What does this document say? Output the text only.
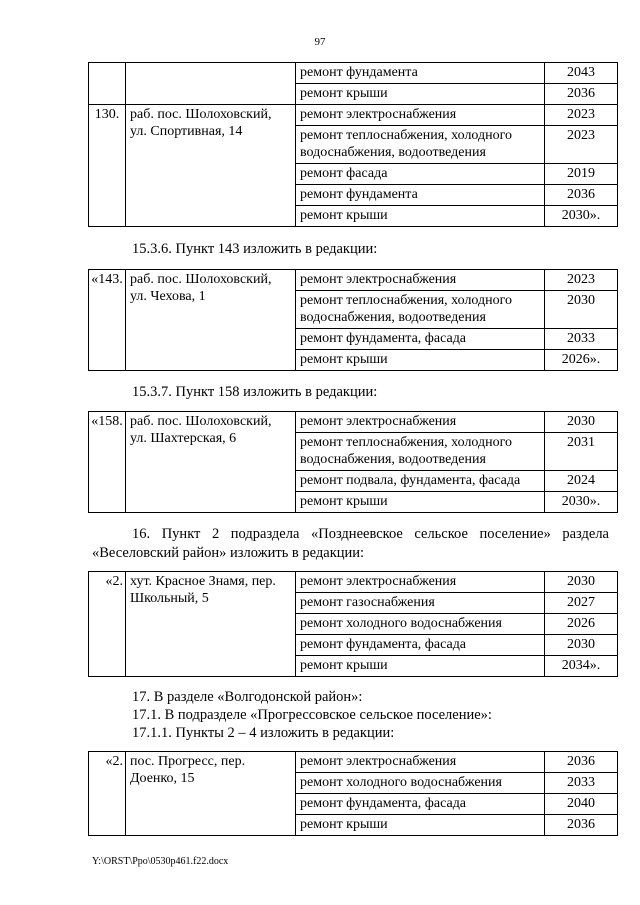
97
		ремонт фундамента	2043
		ремонт крыши	2036
130.	раб. пос. Шолоховский, ул. Спортивная, 14	ремонт электроснабжения	2023
		ремонт теплоснабжения, холодного водоснабжения, водоотведения	2023
		ремонт фасада	2019
		ремонт фундамента	2036
		ремонт крыши	2030».
15.3.6. Пункт 143 изложить в редакции:
«143.	раб. пос. Шолоховский, ул. Чехова, 1	ремонт электроснабжения	2023
		ремонт теплоснабжения, холодного водоснабжения, водоотведения	2030
		ремонт фундамента, фасада	2033
		ремонт крыши	2026».
15.3.7. Пункт 158 изложить в редакции:
«158.	раб. пос. Шолоховский, ул. Шахтерская, 6	ремонт электроснабжения	2030
		ремонт теплоснабжения, холодного водоснабжения, водоотведения	2031
		ремонт подвала, фундамента, фасада	2024
		ремонт крыши	2030».
16. Пункт 2 подраздела «Позднеевское сельское поселение» раздела
«Веселовский район» изложить в редакции:
«2.	хут. Красное Знамя, пер. Школьный, 5	ремонт электроснабжения	2030
		ремонт газоснабжения	2027
		ремонт холодного водоснабжения	2026
		ремонт фундамента, фасада	2030
		ремонт крыши	2034».
17. В разделе «Волгодонской район»:
17.1. В подразделе «Прогрессовское сельское поселение»:
17.1.1. Пункты 2 – 4 изложить в редакции:
«2.	пос. Прогресс, пер. Доенко, 15	ремонт электроснабжения	2036
		ремонт холодного водоснабжения	2033
		ремонт фундамента, фасада	2040
		ремонт крыши	2036
Y:\ORST\Ppo\0530p461.f22.docx
